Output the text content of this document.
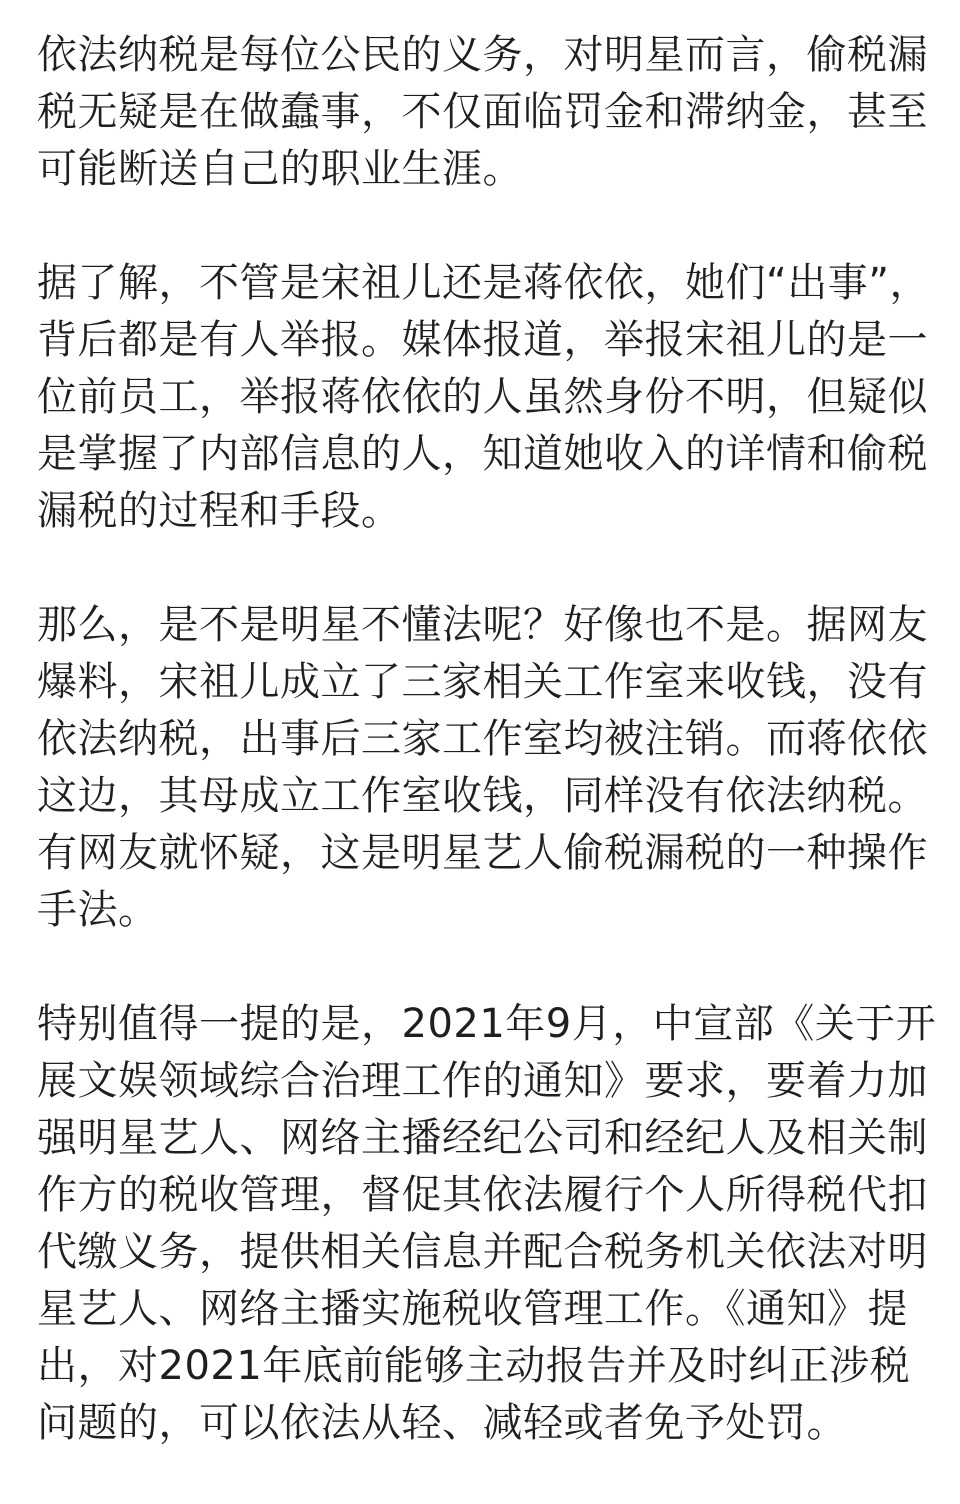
依法纳税是每位公民的义务，对明星而言，偷税漏
税无疑是在做蠢事，不仅面临罚金和滞纳金，甚至
可能断送自己的职业生涯。
据了解，不管是宋祖儿还是蒋依依，她们“出事”，
背后都是有人举报。媒体报道，举报宋祖儿的是一
位前员工，举报蒋依依的人虽然身份不明，但疑似
是掌握了内部信息的人，知道她收入的详情和偷税
漏税的过程和手段。
那么，是不是明星不懂法呢？好像也不是。据网友
爆料，宋祖儿成立了三家相关工作室来收钱，没有
依法纳税，出事后三家工作室均被注销。而蒋依依
这边，其母成立工作室收钱，同样没有依法纳税。
有网友就怀疑，这是明星艺人偷税漏税的一种操作
手法。
特别值得一提的是，2021年9月，中宣部《关于开
展文娱领域综合治理工作的通知》要求，要着力加
强明星艺人、网络主播经纪公司和经纪人及相关制
作方的税收管理，督促其依法履行个人所得税代扣
代缴义务，提供相关信息并配合税务机关依法对明
星艺人、网络主播实施税收管理工作。《通知》提
出，对2021年底前能够主动报告并及时纠正涉税
问题的，可以依法从轻、减轻或者免予处罚。
